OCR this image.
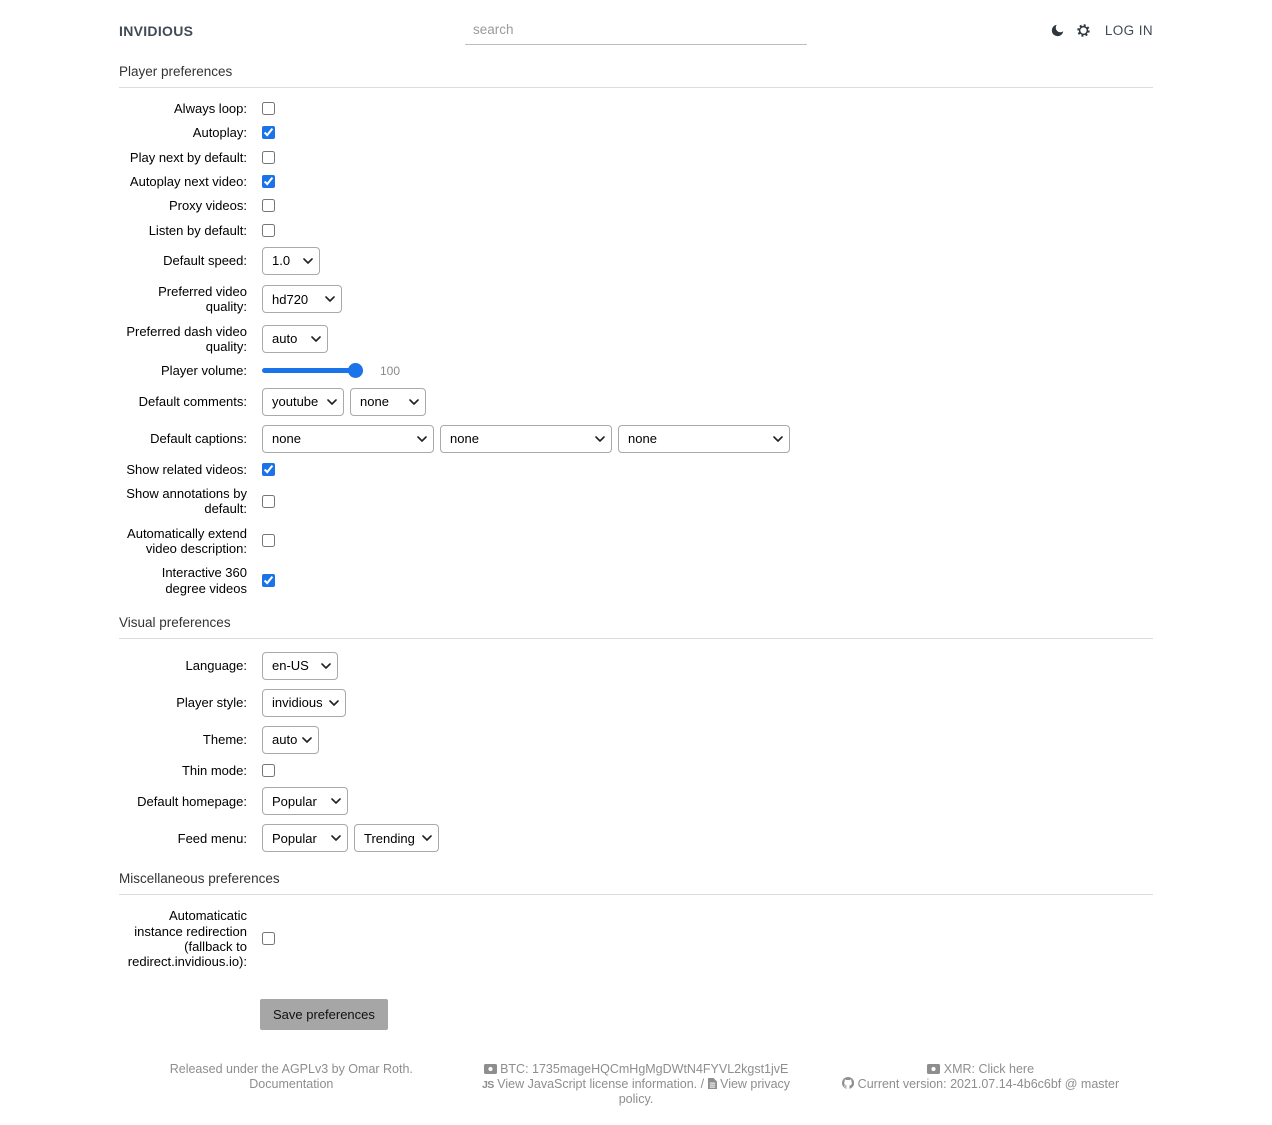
INVIDIOUS
search	LOG IN
Player preferences
Always loop:
Autoplay:
Play next by default:
Autoplay next video:
Proxy videos:
Listen by default:
Default speed:
1.0
Preferred video quality:
hd720
Preferred dash video quality:
auto
Player volume:	100
Default comments:
youtube
none
Default captions:
none
none
none
Show related videos:
Show annotations by default:
Automatically extend video description:
Interactive 360 degree videos
Visual preferences
Language:
en-US
Player style:
invidious
Theme:
auto
Thin mode:
Default homepage:
Popular
Feed menu:
Popular
Trending
Miscellaneous preferences
Automaticatic instance redirection (fallback to redirect.invidious.io):
Save preferences
Released under the AGPLv3 by Omar Roth.
Documentation
BTC: 1735mageHQCmHgMgDWtN4FYVL2kgst1jvE
JS View JavaScript license information. / View privacy policy.
XMR: Click here
Current version: 2021.07.14-4b6c6bf @ master
